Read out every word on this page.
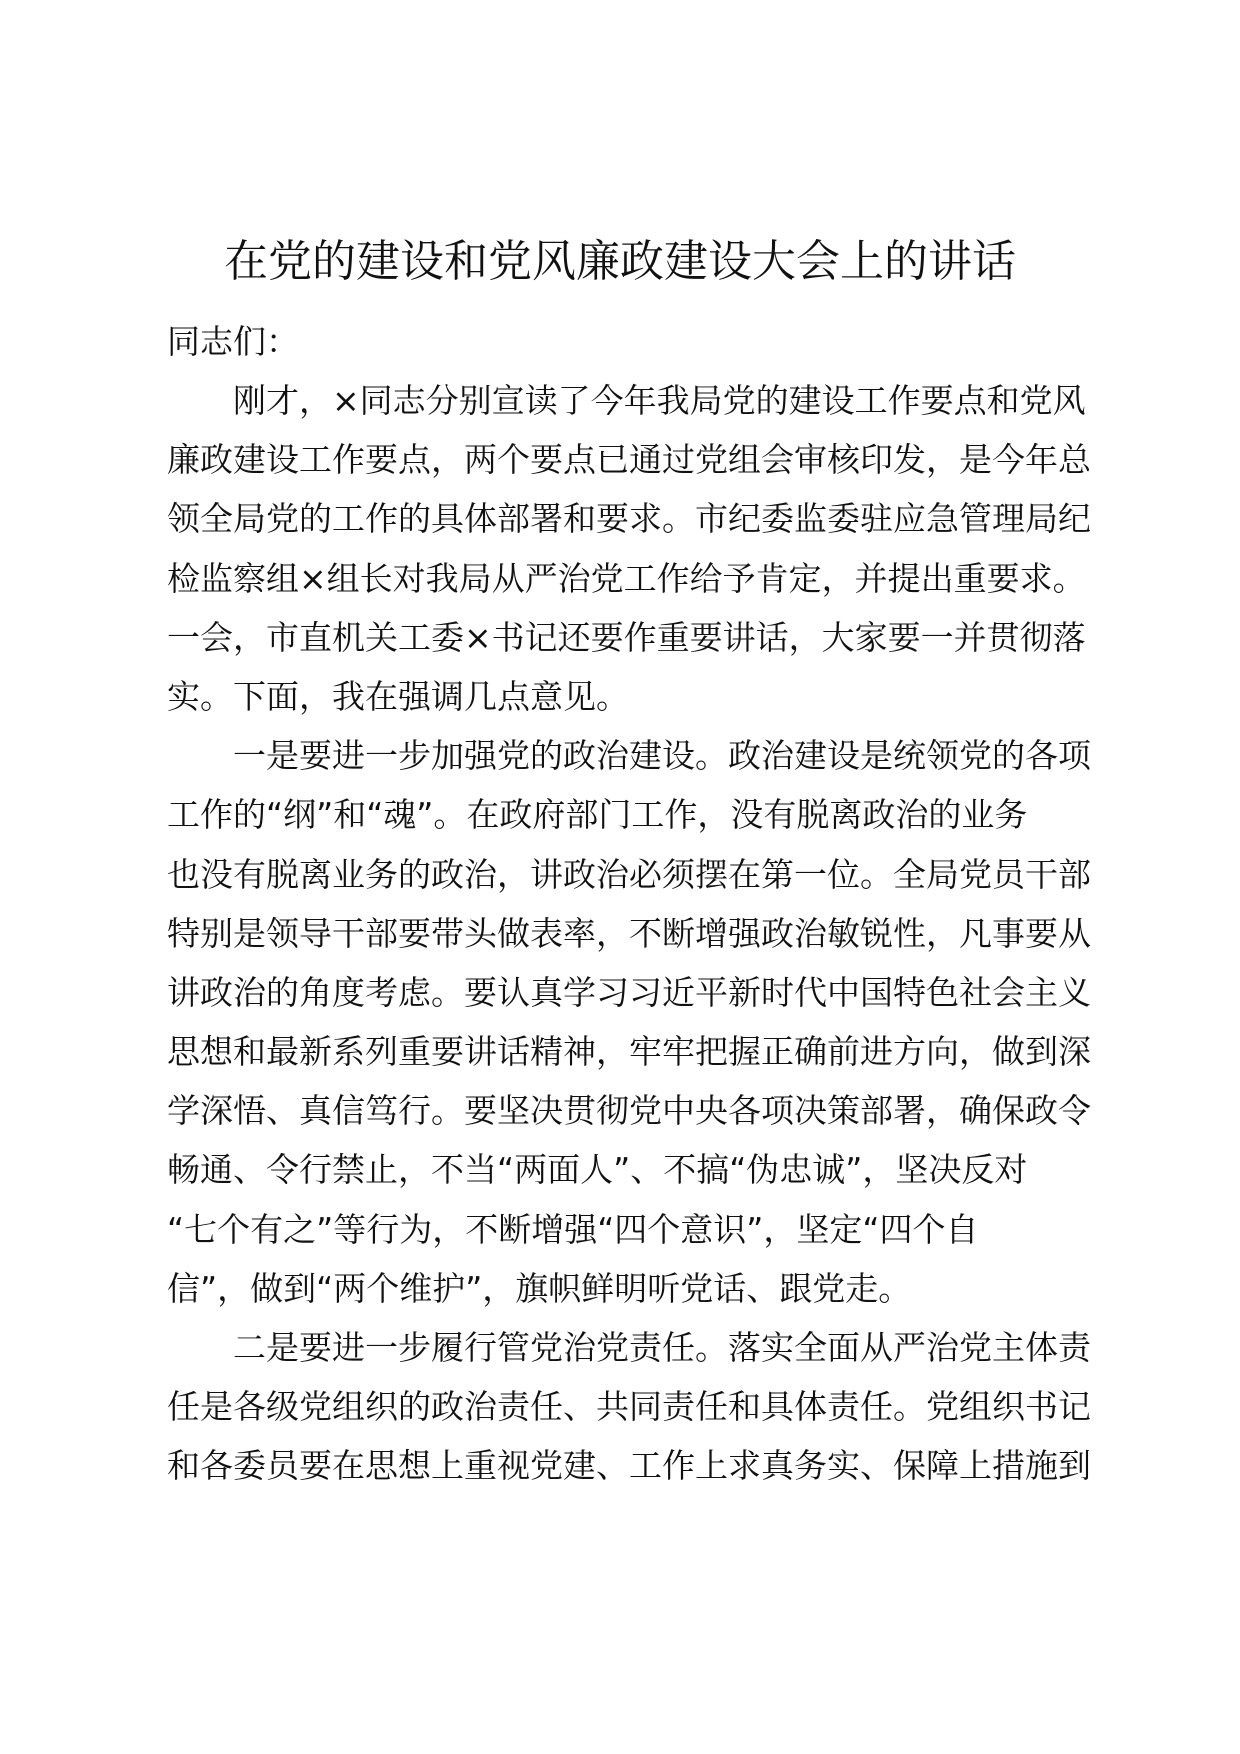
在党的建设和党风廉政建设大会上的讲话

同志们：

刚才，×同志分别宣读了今年我局党的建设工作要点和党风
廉政建设工作要点，两个要点已通过党组会审核印发，是今年总
领全局党的工作的具体部署和要求。市纪委监委驻应急管理局纪
检监察组×组长对我局从严治党工作给予肯定，并提出重要求。
一会，市直机关工委×书记还要作重要讲话，大家要一并贯彻落
实。下面，我在强调几点意见。
一是要进一步加强党的政治建设。政治建设是统领党的各项
工作的“纲”和“魂”。在政府部门工作，没有脱离政治的业务
也没有脱离业务的政治，讲政治必须摆在第一位。全局党员干部
特别是领导干部要带头做表率，不断增强政治敏锐性，凡事要从
讲政治的角度考虑。要认真学习习近平新时代中国特色社会主义
思想和最新系列重要讲话精神，牢牢把握正确前进方向，做到深
学深悟、真信笃行。要坚决贯彻党中央各项决策部署，确保政令
畅通、令行禁止，不当“两面人”、不搞“伪忠诚”，坚决反对
“七个有之”等行为，不断增强“四个意识”，坚定“四个自
信”，做到“两个维护”，旗帜鲜明听党话、跟党走。
二是要进一步履行管党治党责任。落实全面从严治党主体责
任是各级党组织的政治责任、共同责任和具体责任。党组织书记
和各委员要在思想上重视党建、工作上求真务实、保障上措施到
